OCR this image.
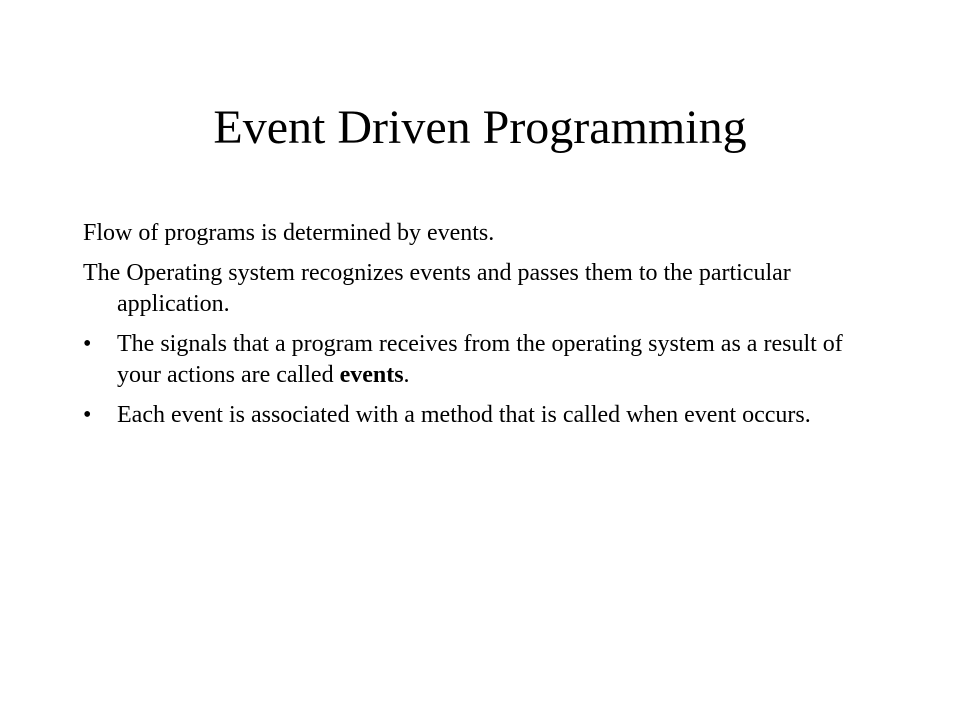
Event Driven Programming

Flow of programs is determined by events.

The Operating system recognizes events and passes them to the particular application.

•	The signals that a program receives from the operating system as a result of your actions are called events.
•	Each event is associated with a method that is called when event occurs.
